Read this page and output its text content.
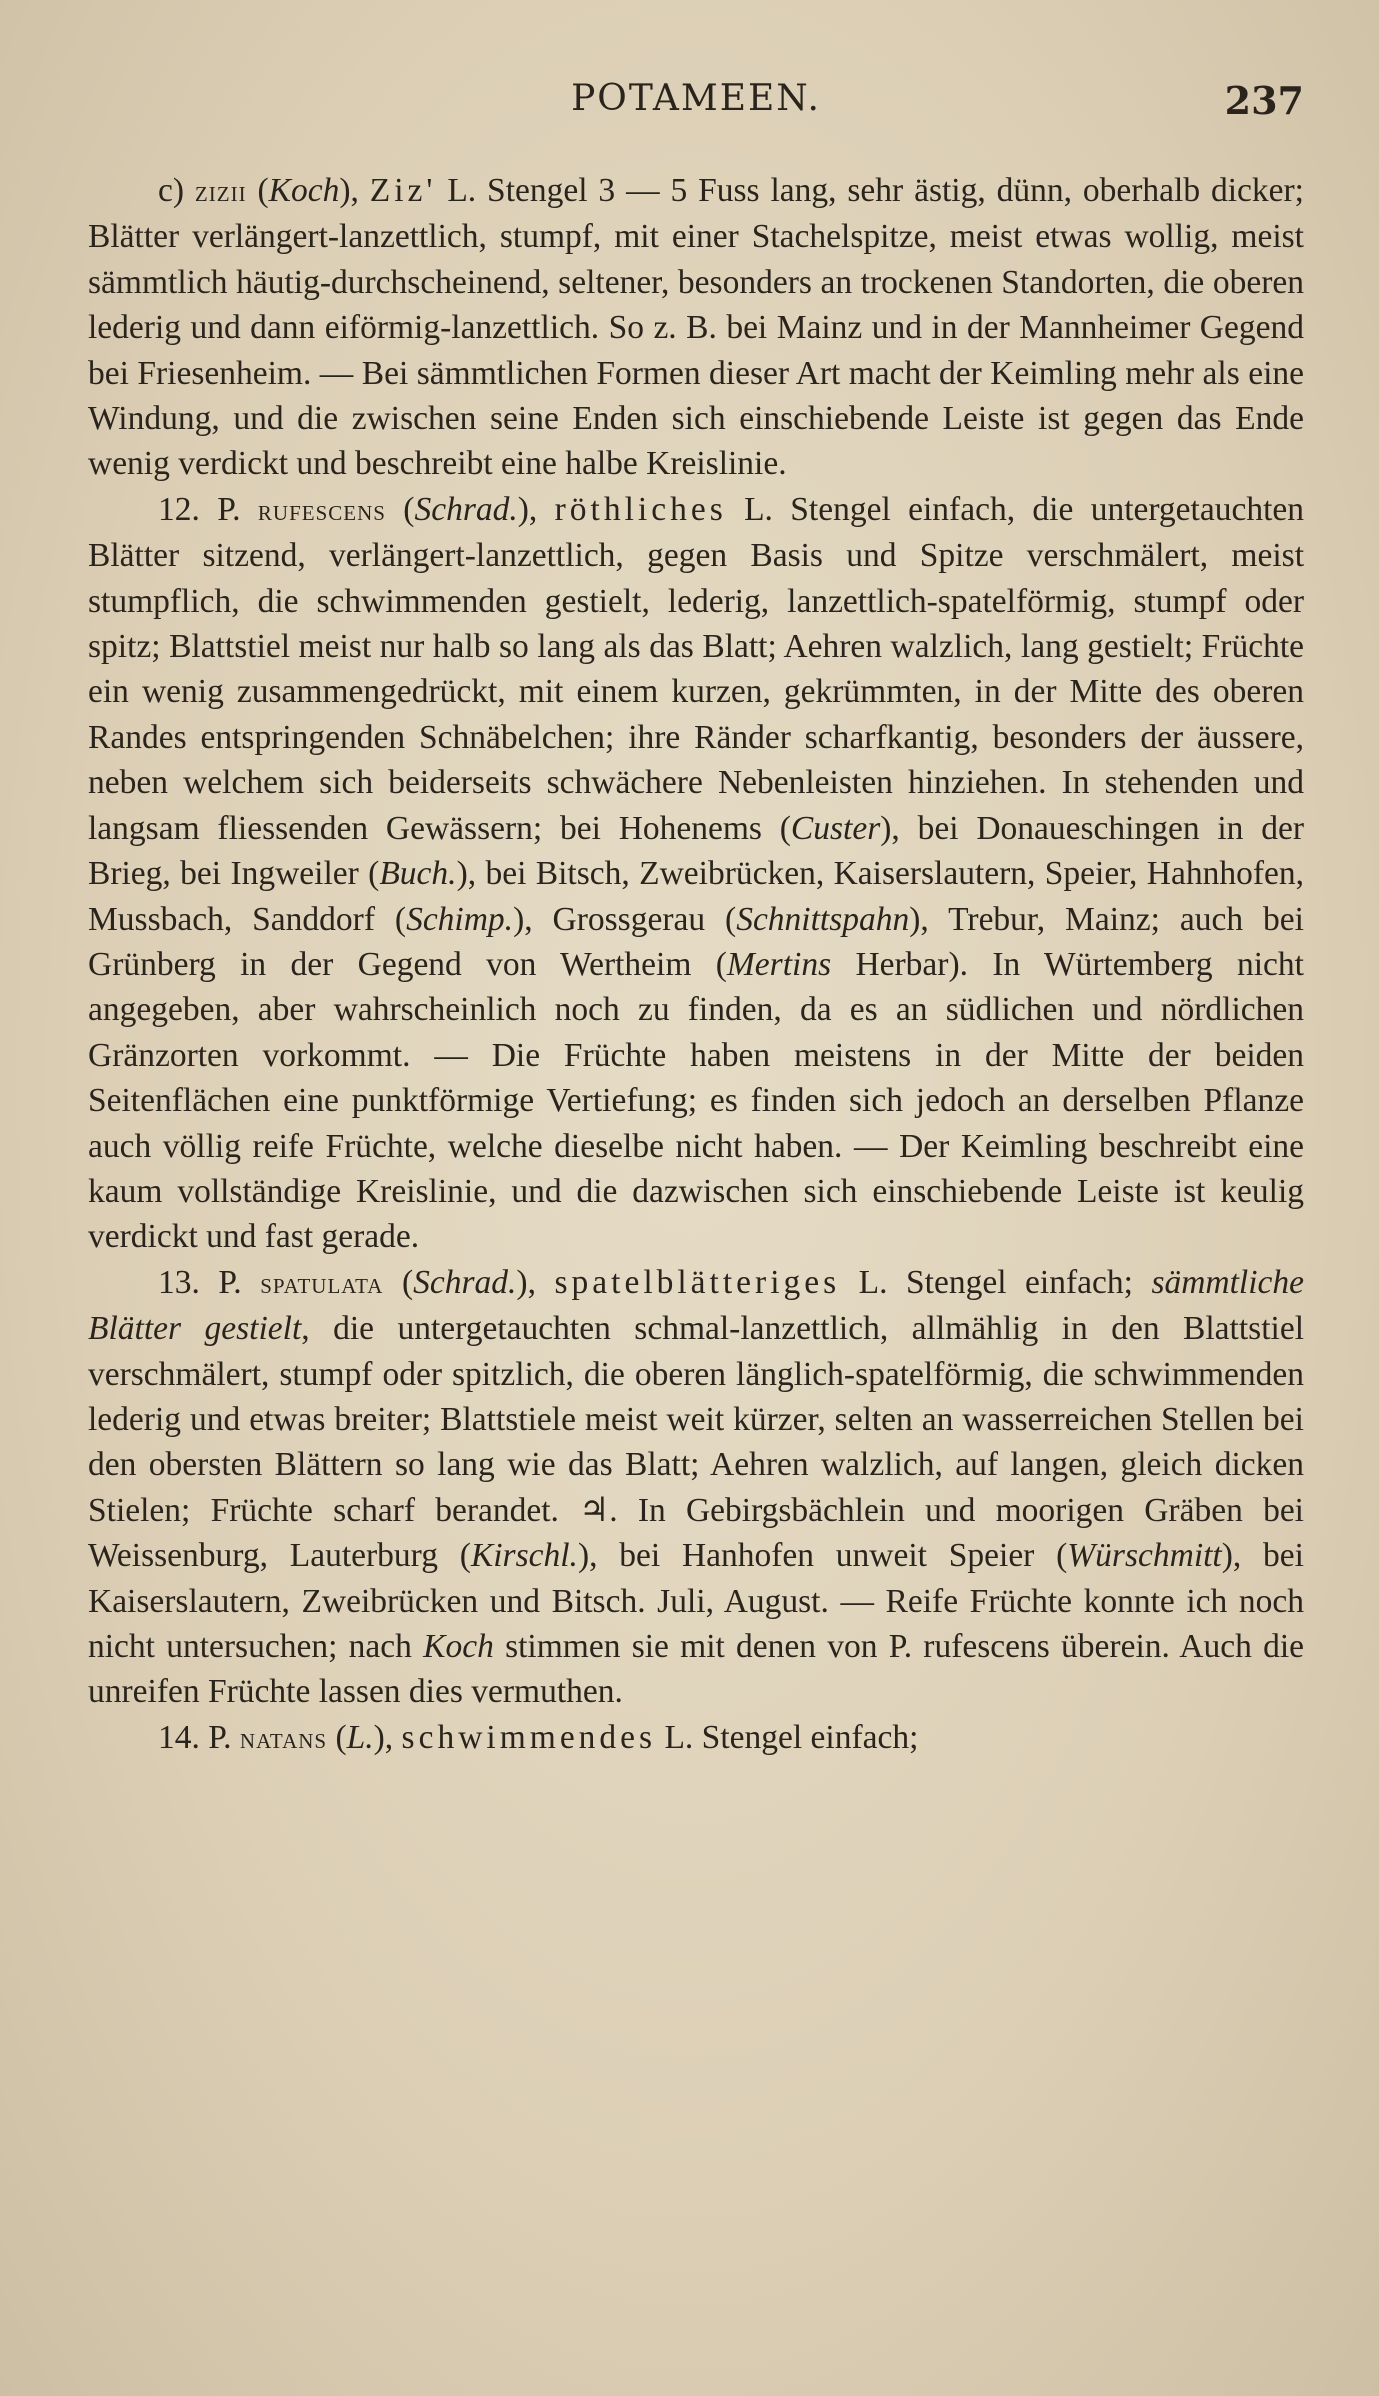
POTAMEEN.	237

c) zizii (Koch), Ziz' L. Stengel 3 — 5 Fuss lang, sehr ästig, dünn, oberhalb dicker; Blätter verlängert-lanzettlich, stumpf, mit einer Stachelspitze, meist etwas wollig, meist sämmtlich häutig-durchscheinend, seltener, besonders an trockenen Standorten, die oberen lederig und dann eiförmig-lanzettlich. So z. B. bei Mainz und in der Mannheimer Gegend bei Friesenheim. — Bei sämmtlichen Formen dieser Art macht der Keimling mehr als eine Windung, und die zwischen seine Enden sich einschiebende Leiste ist gegen das Ende wenig verdickt und beschreibt eine halbe Kreislinie.

12. P. rufescens (Schrad.), röthliches L. Stengel einfach, die untergetauchten Blätter sitzend, verlängert-lanzettlich, gegen Basis und Spitze verschmälert, meist stumpflich, die schwimmenden gestielt, lederig, lanzettlich-spatelförmig, stumpf oder spitz; Blattstiel meist nur halb so lang als das Blatt; Aehren walzlich, lang gestielt; Früchte ein wenig zusammengedrückt, mit einem kurzen, gekrümmten, in der Mitte des oberen Randes entspringenden Schnäbelchen; ihre Ränder scharfkantig, besonders der äussere, neben welchem sich beiderseits schwächere Nebenleisten hinziehen. In stehenden und langsam fliessenden Gewässern; bei Hohenems (Custer), bei Donaueschingen in der Brieg, bei Ingweiler (Buch.), bei Bitsch, Zweibrücken, Kaiserslautern, Speier, Hahnhofen, Mussbach, Sanddorf (Schimp.), Grossgerau (Schnittspahn), Trebur, Mainz; auch bei Grünberg in der Gegend von Wertheim (Mertins Herbar). In Würtemberg nicht angegeben, aber wahrscheinlich noch zu finden, da es an südlichen und nördlichen Gränzorten vorkommt. — Die Früchte haben meistens in der Mitte der beiden Seitenflächen eine punktförmige Vertiefung; es finden sich jedoch an derselben Pflanze auch völlig reife Früchte, welche dieselbe nicht haben. — Der Keimling beschreibt eine kaum vollständige Kreislinie, und die dazwischen sich einschiebende Leiste ist keulig verdickt und fast gerade.

13. P. spatulata (Schrad.), spatelblätteriges L. Stengel einfach; sämmtliche Blätter gestielt, die untergetauchten schmal-lanzettlich, allmählig in den Blattstiel verschmälert, stumpf oder spitzlich, die oberen länglich-spatelförmig, die schwimmenden lederig und etwas breiter; Blattstiele meist weit kürzer, selten an wasserreichen Stellen bei den obersten Blättern so lang wie das Blatt; Aehren walzlich, auf langen, gleich dicken Stielen; Früchte scharf berandet. ♃. In Gebirgsbächlein und moorigen Gräben bei Weissenburg, Lauterburg (Kirschl.), bei Hanhofen unweit Speier (Würschmitt), bei Kaiserslautern, Zweibrücken und Bitsch. Juli, August. — Reife Früchte konnte ich noch nicht untersuchen; nach Koch stimmen sie mit denen von P. rufescens überein. Auch die unreifen Früchte lassen dies vermuthen.

14. P. natans (L.), schwimmendes L. Stengel einfach;
